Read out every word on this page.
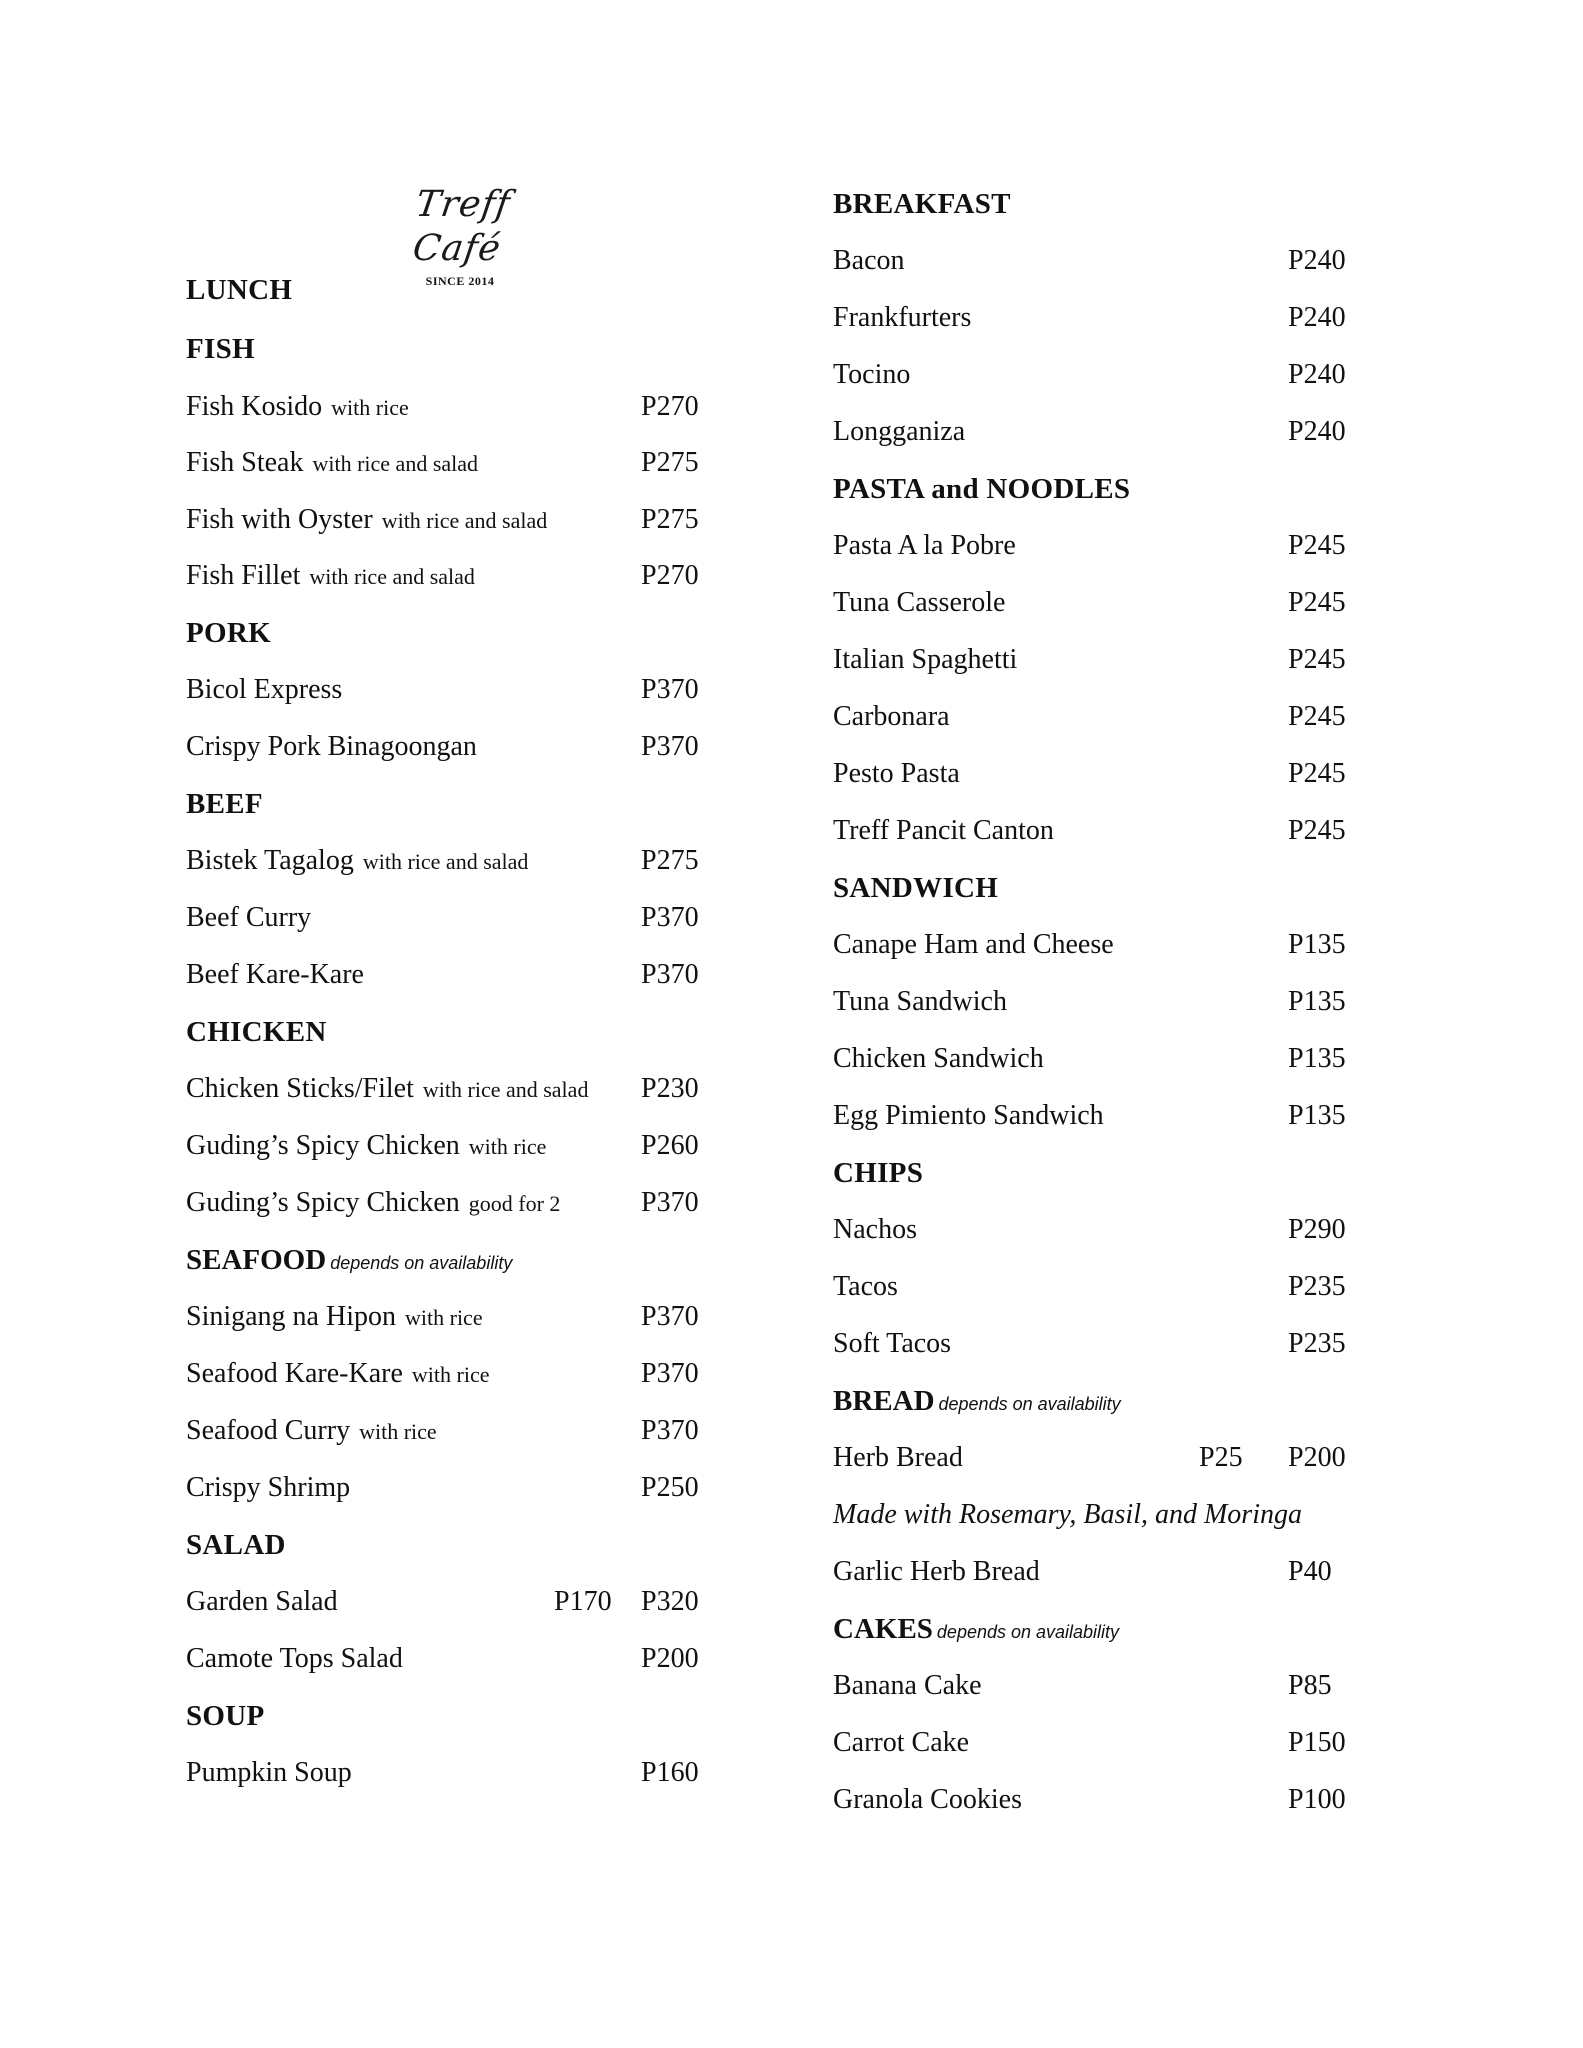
Treff Café
SINCE 2014
LUNCH
FISH
Fish Kosido with rice	P270
Fish Steak with rice and salad	P275
Fish with Oyster with rice and salad	P275
Fish Fillet with rice and salad	P270
PORK
Bicol Express	P370
Crispy Pork Binagoongan	P370
BEEF
Bistek Tagalog with rice and salad	P275
Beef Curry	P370
Beef Kare-Kare	P370
CHICKEN
Chicken Sticks/Filet with rice and salad P230
Guding’s Spicy Chicken with rice	P260
Guding’s Spicy Chicken good for 2	P370
SEAFOOD depends on availability
Sinigang na Hipon with rice	P370
Seafood Kare-Kare with rice	P370
Seafood Curry with rice	P370
Crispy Shrimp	P250
SALAD
Garden Salad	P170 P320
Camote Tops Salad	P200
SOUP
Pumpkin Soup	P160
BREAKFAST
Bacon	P240
Frankfurters	P240
Tocino	P240
Longganiza	P240
PASTA and NOODLES
Pasta A la Pobre	P245
Tuna Casserole	P245
Italian Spaghetti	P245
Carbonara	P245
Pesto Pasta	P245
Treff Pancit Canton	P245
SANDWICH
Canape Ham and Cheese	P135
Tuna Sandwich	P135
Chicken Sandwich	P135
Egg Pimiento Sandwich	P135
CHIPS
Nachos	P290
Tacos	P235
Soft Tacos	P235
BREAD depends on availability
Herb Bread	P25 P200
Made with Rosemary, Basil, and Moringa
Garlic Herb Bread	P40
CAKES depends on availability
Banana Cake	P85
Carrot Cake	P150
Granola Cookies	P100
